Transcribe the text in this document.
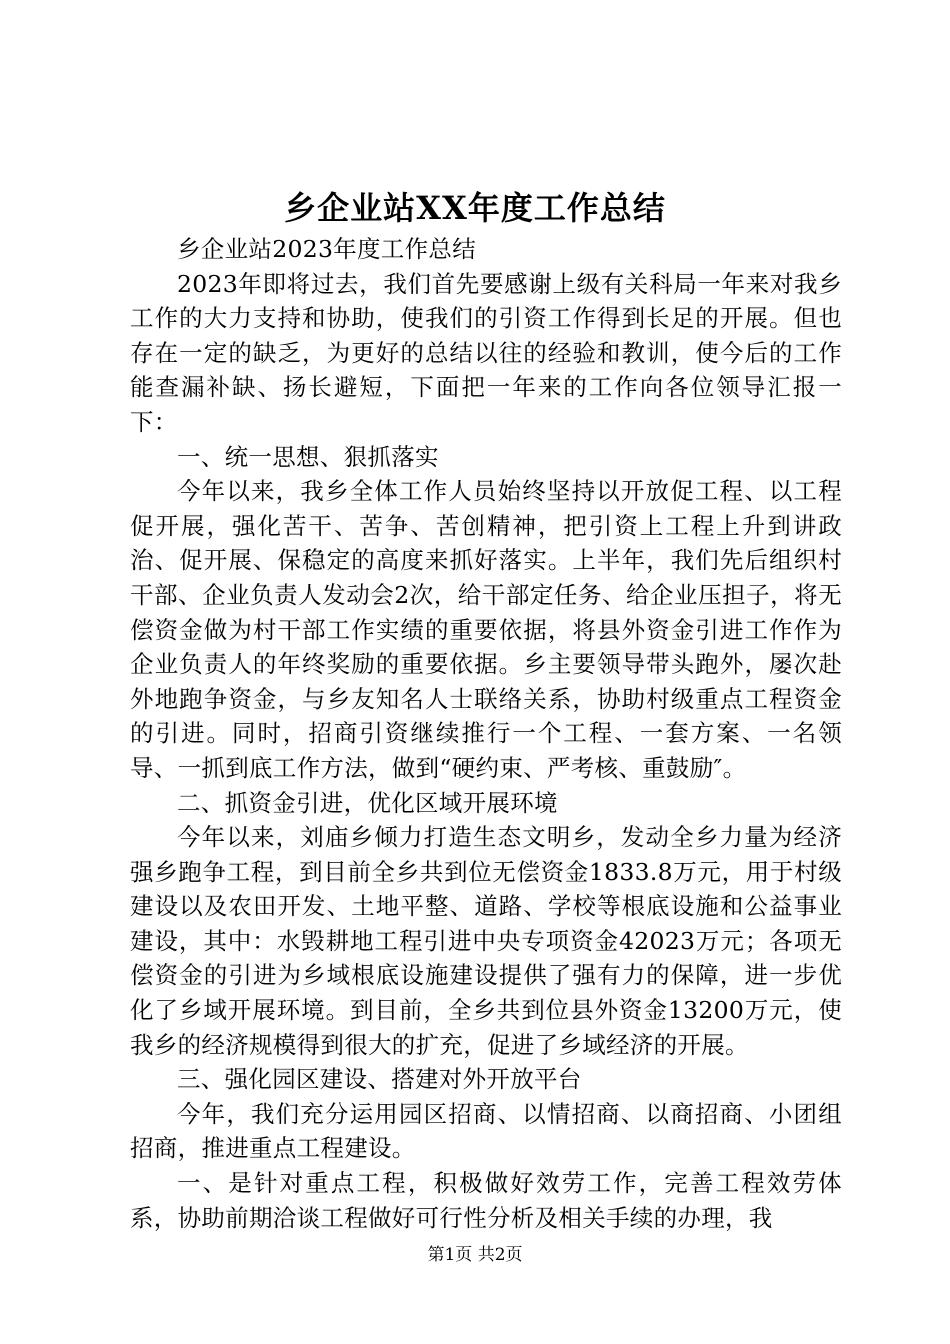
乡企业站XX年度工作总结

乡企业站2023年度工作总结

2023年即将过去，我们首先要感谢上级有关科局一年来对我乡工作的大力支持和协助，使我们的引资工作得到长足的开展。但也存在一定的缺乏，为更好的总结以往的经验和教训，使今后的工作能查漏补缺、扬长避短，下面把一年来的工作向各位领导汇报一下：

一、统一思想、狠抓落实

今年以来，我乡全体工作人员始终坚持以开放促工程、以工程促开展，强化苦干、苦争、苦创精神，把引资上工程上升到讲政治、促开展、保稳定的高度来抓好落实。上半年，我们先后组织村干部、企业负责人发动会2次，给干部定任务、给企业压担子，将无偿资金做为村干部工作实绩的重要依据，将县外资金引进工作作为企业负责人的年终奖励的重要依据。乡主要领导带头跑外，屡次赴外地跑争资金，与乡友知名人士联络关系，协助村级重点工程资金的引进。同时，招商引资继续推行一个工程、一套方案、一名领导、一抓到底工作方法，做到“硬约束、严考核、重鼓励″。

二、抓资金引进，优化区域开展环境

今年以来，刘庙乡倾力打造生态文明乡，发动全乡力量为经济强乡跑争工程，到目前全乡共到位无偿资金1833.8万元，用于村级建设以及农田开发、土地平整、道路、学校等根底设施和公益事业建设，其中：水毁耕地工程引进中央专项资金42023万元；各项无偿资金的引进为乡域根底设施建设提供了强有力的保障，进一步优化了乡域开展环境。到目前，全乡共到位县外资金13200万元，使我乡的经济规模得到很大的扩充，促进了乡域经济的开展。

三、强化园区建设、搭建对外开放平台

今年，我们充分运用园区招商、以情招商、以商招商、小团组招商，推进重点工程建设。

一、是针对重点工程，积极做好效劳工作，完善工程效劳体系，协助前期洽谈工程做好可行性分析及相关手续的办理，我

第1页 共2页
